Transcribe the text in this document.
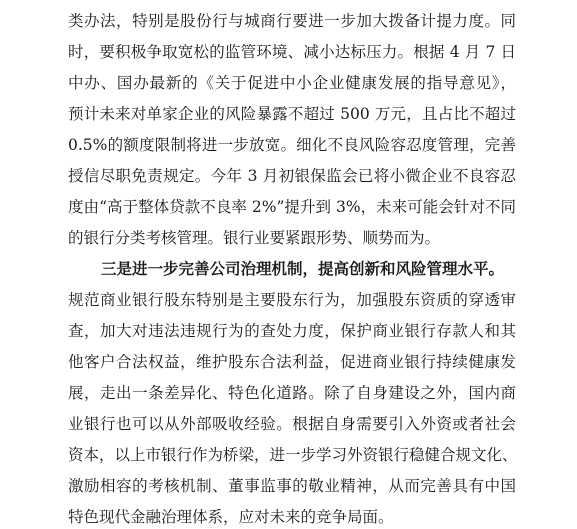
类办法，特别是股份行与城商行要进一步加大拨备计提力度。同
时，要积极争取宽松的监管环境、减小达标压力。根据 4 月 7 日
中办、国办最新的《关于促进中小企业健康发展的指导意见》，
预计未来对单家企业的风险暴露不超过 500 万元，且占比不超过
0.5%的额度限制将进一步放宽。细化不良风险容忍度管理，完善
授信尽职免责规定。今年 3 月初银保监会已将小微企业不良容忍
度由“高于整体贷款不良率 2%”提升到 3%，未来可能会针对不同
的银行分类考核管理。银行业要紧跟形势、顺势而为。
三是进一步完善公司治理机制，提高创新和风险管理水平。
规范商业银行股东特别是主要股东行为，加强股东资质的穿透审
查，加大对违法违规行为的查处力度，保护商业银行存款人和其
他客户合法权益，维护股东合法利益，促进商业银行持续健康发
展，走出一条差异化、特色化道路。除了自身建设之外，国内商
业银行也可以从外部吸收经验。根据自身需要引入外资或者社会
资本，以上市银行作为桥梁，进一步学习外资银行稳健合规文化、
激励相容的考核机制、董事监事的敬业精神，从而完善具有中国
特色现代金融治理体系，应对未来的竞争局面。
